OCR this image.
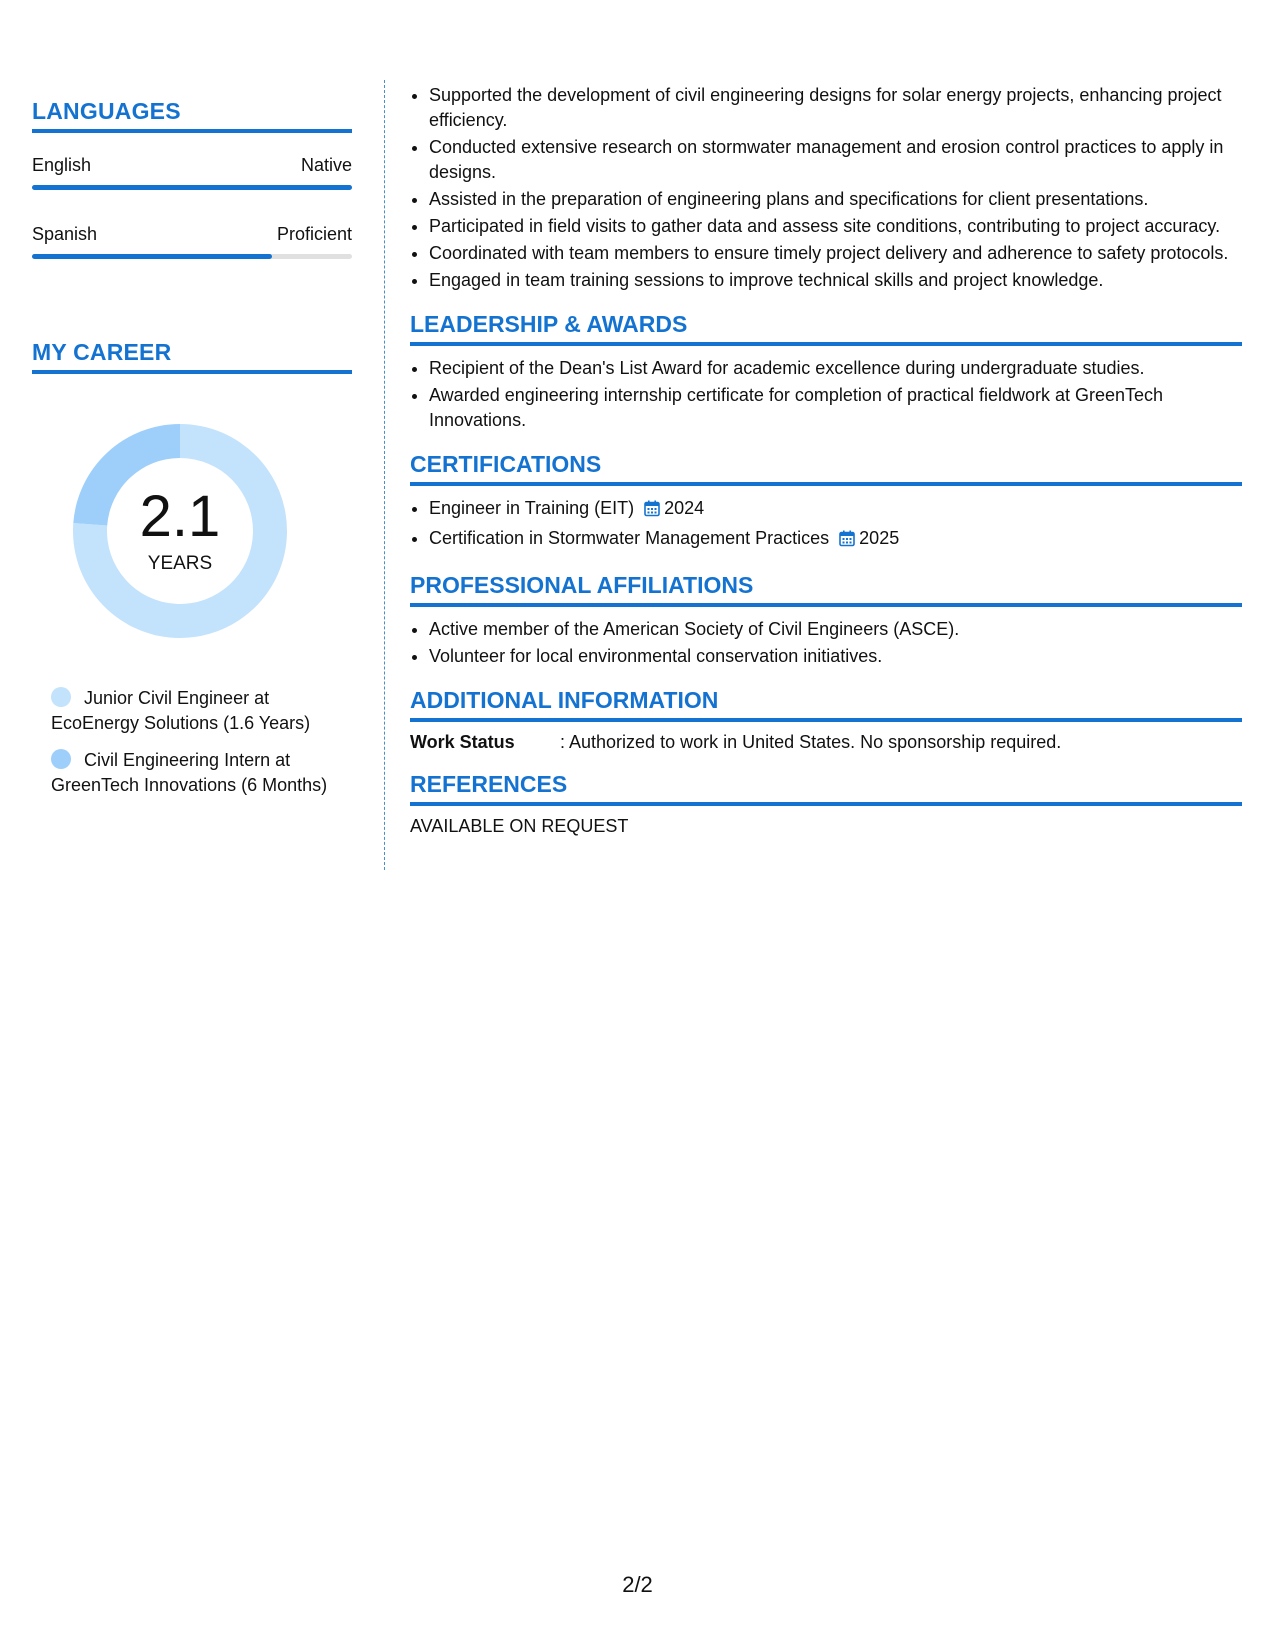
LANGUAGES
English	Native
Spanish	Proficient
MY CAREER
2.1
YEARS
Junior Civil Engineer at EcoEnergy Solutions (1.6 Years)
Civil Engineering Intern at GreenTech Innovations (6 Months)
• Supported the development of civil engineering designs for solar energy projects, enhancing project efficiency.
• Conducted extensive research on stormwater management and erosion control practices to apply in designs.
• Assisted in the preparation of engineering plans and specifications for client presentations.
• Participated in field visits to gather data and assess site conditions, contributing to project accuracy.
• Coordinated with team members to ensure timely project delivery and adherence to safety protocols.
• Engaged in team training sessions to improve technical skills and project knowledge.
LEADERSHIP & AWARDS
• Recipient of the Dean's List Award for academic excellence during undergraduate studies.
• Awarded engineering internship certificate for completion of practical fieldwork at GreenTech Innovations.
CERTIFICATIONS
• Engineer in Training (EIT) 2024
• Certification in Stormwater Management Practices 2025
PROFESSIONAL AFFILIATIONS
• Active member of the American Society of Civil Engineers (ASCE).
• Volunteer for local environmental conservation initiatives.
ADDITIONAL INFORMATION
Work Status	: Authorized to work in United States. No sponsorship required.
REFERENCES
AVAILABLE ON REQUEST
2/2
